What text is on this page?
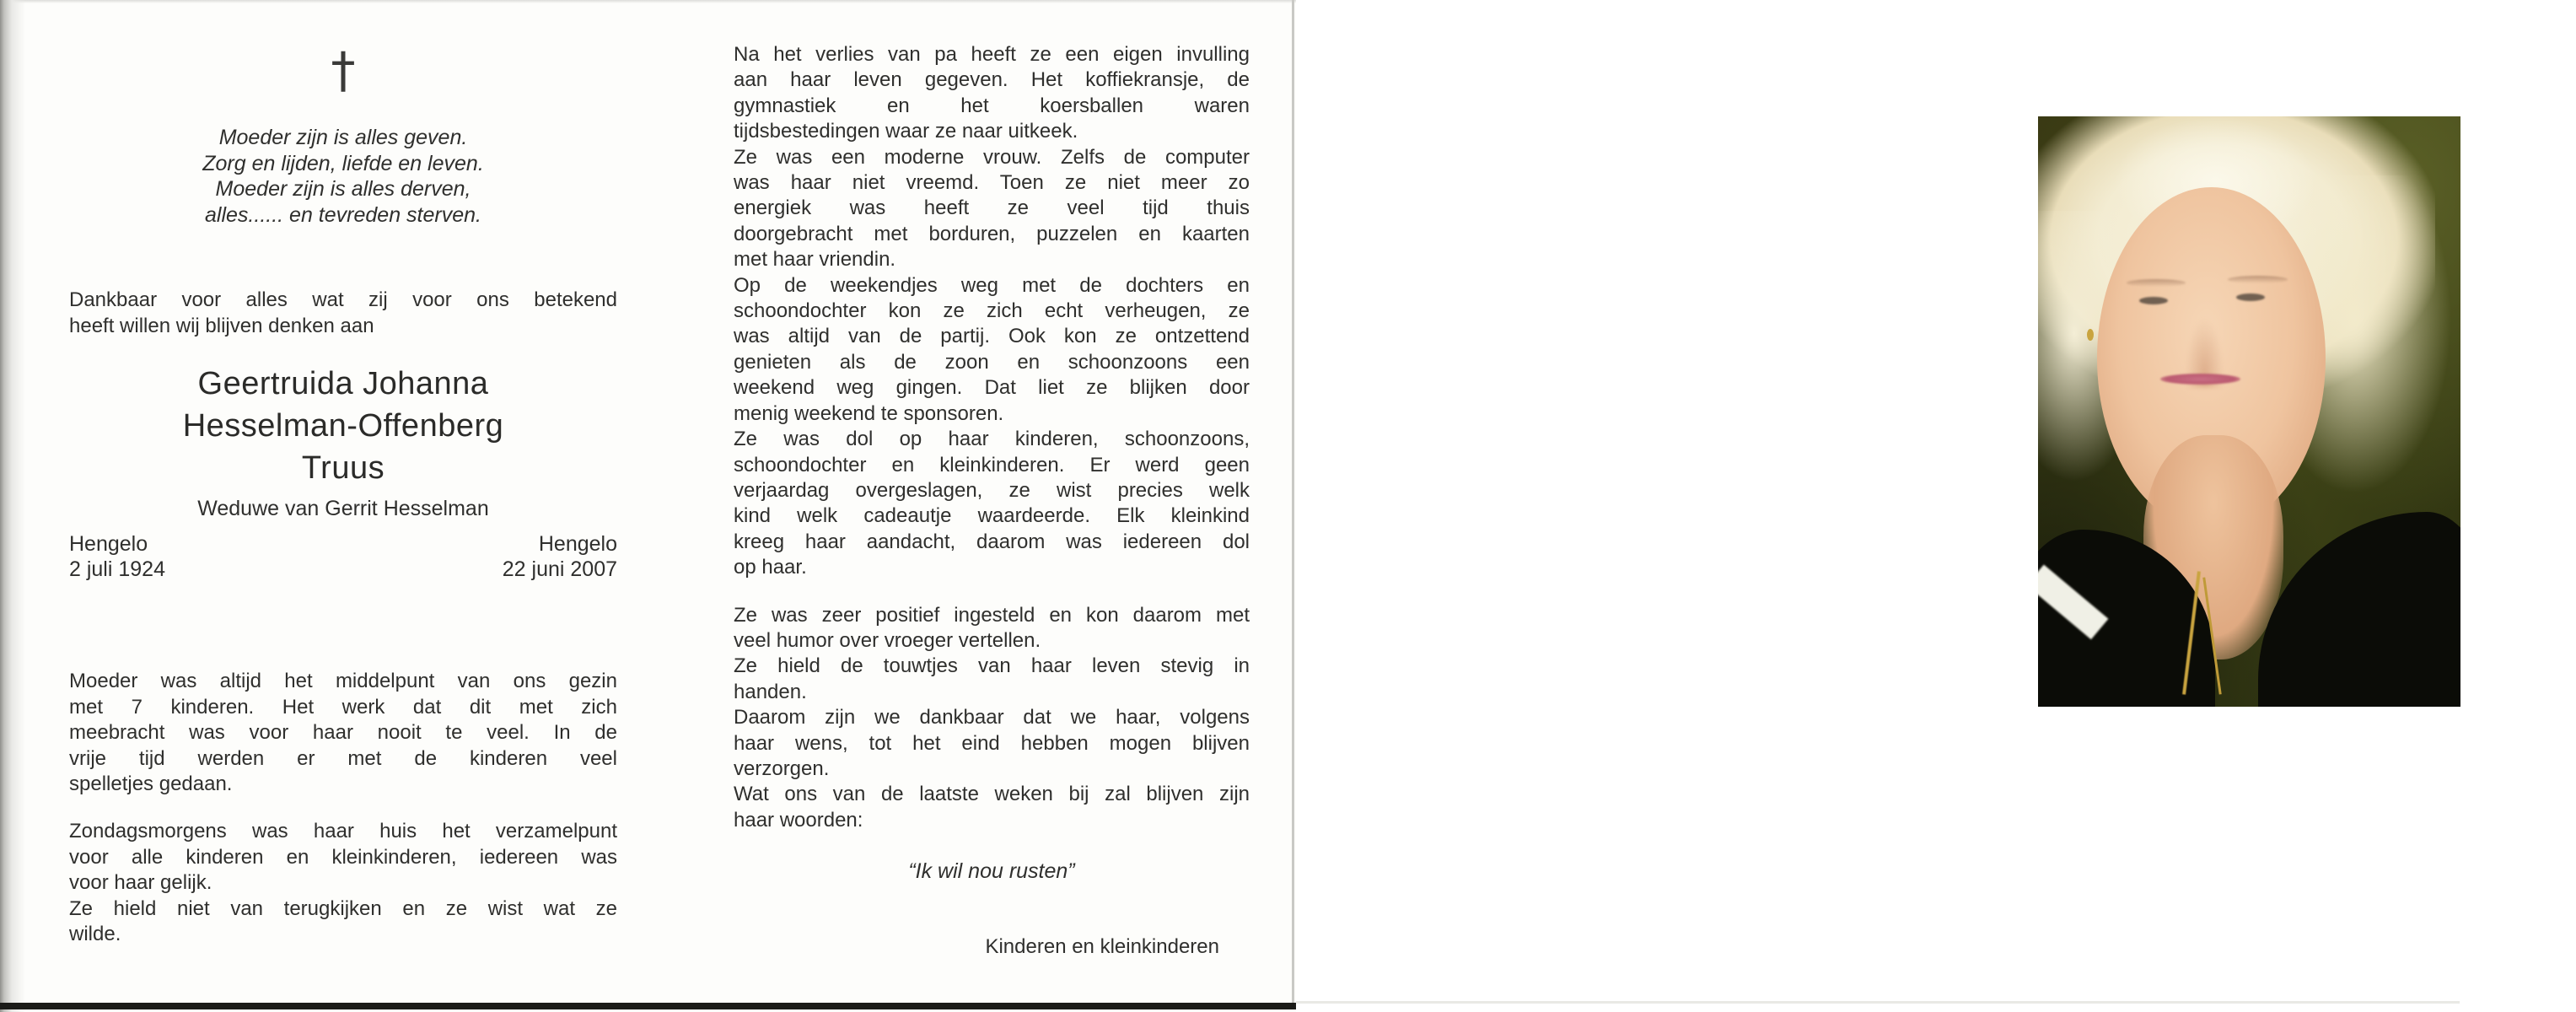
†
Moeder zijn is alles geven.
Zorg en lijden, liefde en leven.
Moeder zijn is alles derven,
alles...... en tevreden sterven.
Dankbaar voor alles wat zij voor ons betekend
heeft willen wij blijven denken aan
Geertruida Johanna
Hesselman-Offenberg
Truus
Weduwe van Gerrit Hesselman
Hengelo
2 juli 1924
Hengelo
22 juni 2007
Moeder was altijd het middelpunt van ons gezin
met 7 kinderen. Het werk dat dit met zich
meebracht was voor haar nooit te veel. In de
vrije tijd werden er met de kinderen veel
spelletjes gedaan.
Zondagsmorgens was haar huis het verzamelpunt
voor alle kinderen en kleinkinderen, iedereen was
voor haar gelijk.
Ze hield niet van terugkijken en ze wist wat ze
wilde.
Na het verlies van pa heeft ze een eigen invulling
aan haar leven gegeven. Het koffiekransje, de
gymnastiek en het koersballen waren
tijdsbestedingen waar ze naar uitkeek.
Ze was een moderne vrouw. Zelfs de computer
was haar niet vreemd. Toen ze niet meer zo
energiek was heeft ze veel tijd thuis
doorgebracht met borduren, puzzelen en kaarten
met haar vriendin.
Op de weekendjes weg met de dochters en
schoondochter kon ze zich echt verheugen, ze
was altijd van de partij. Ook kon ze ontzettend
genieten als de zoon en schoonzoons een
weekend weg gingen. Dat liet ze blijken door
menig weekend te sponsoren.
Ze was dol op haar kinderen, schoonzoons,
schoondochter en kleinkinderen. Er werd geen
verjaardag overgeslagen, ze wist precies welk
kind welk cadeautje waardeerde. Elk kleinkind
kreeg haar aandacht, daarom was iedereen dol
op haar.
Ze was zeer positief ingesteld en kon daarom met
veel humor over vroeger vertellen.
Ze hield de touwtjes van haar leven stevig in
handen.
Daarom zijn we dankbaar dat we haar, volgens
haar wens, tot het eind hebben mogen blijven
verzorgen.
Wat ons van de laatste weken bij zal blijven zijn
haar woorden:
“Ik wil nou rusten”
Kinderen en kleinkinderen
